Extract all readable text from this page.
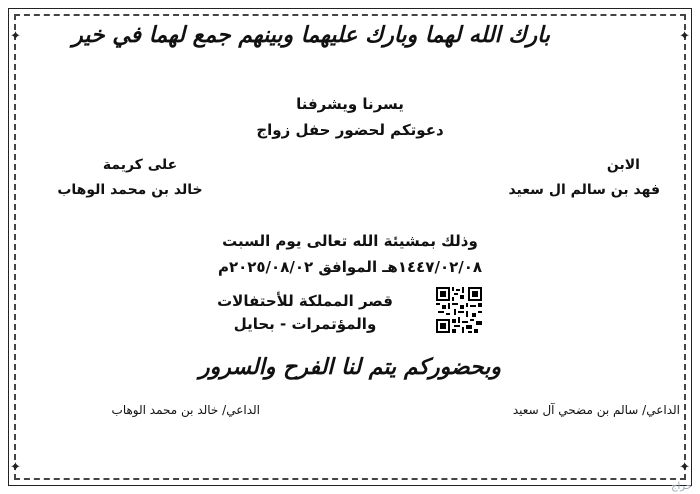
✦	✦
✦	✦
بارك الله لهما وبارك عليهما وبينهم جمع لهما في خير
يسرنا ويشرفنا
دعوتكم لحضور حفل زواج
الابن
فهد بن سالم ال سعيد
على كريمة
خالد بن محمد الوهاب
وذلك بمشيئة الله تعالى يوم السبت
١٤٤٧/٠٢/٠٨هـ الموافق ٢٠٢٥/٠٨/٠٢م
قصر المملكة للأحتفالات
والمؤتمرات - بحايل
وبحضوركم يتم لنا الفرح والسرور
الداعي/ سالم بن مضحي آل سعيد
الداعي/ خالد بن محمد الوهاب
حراج
